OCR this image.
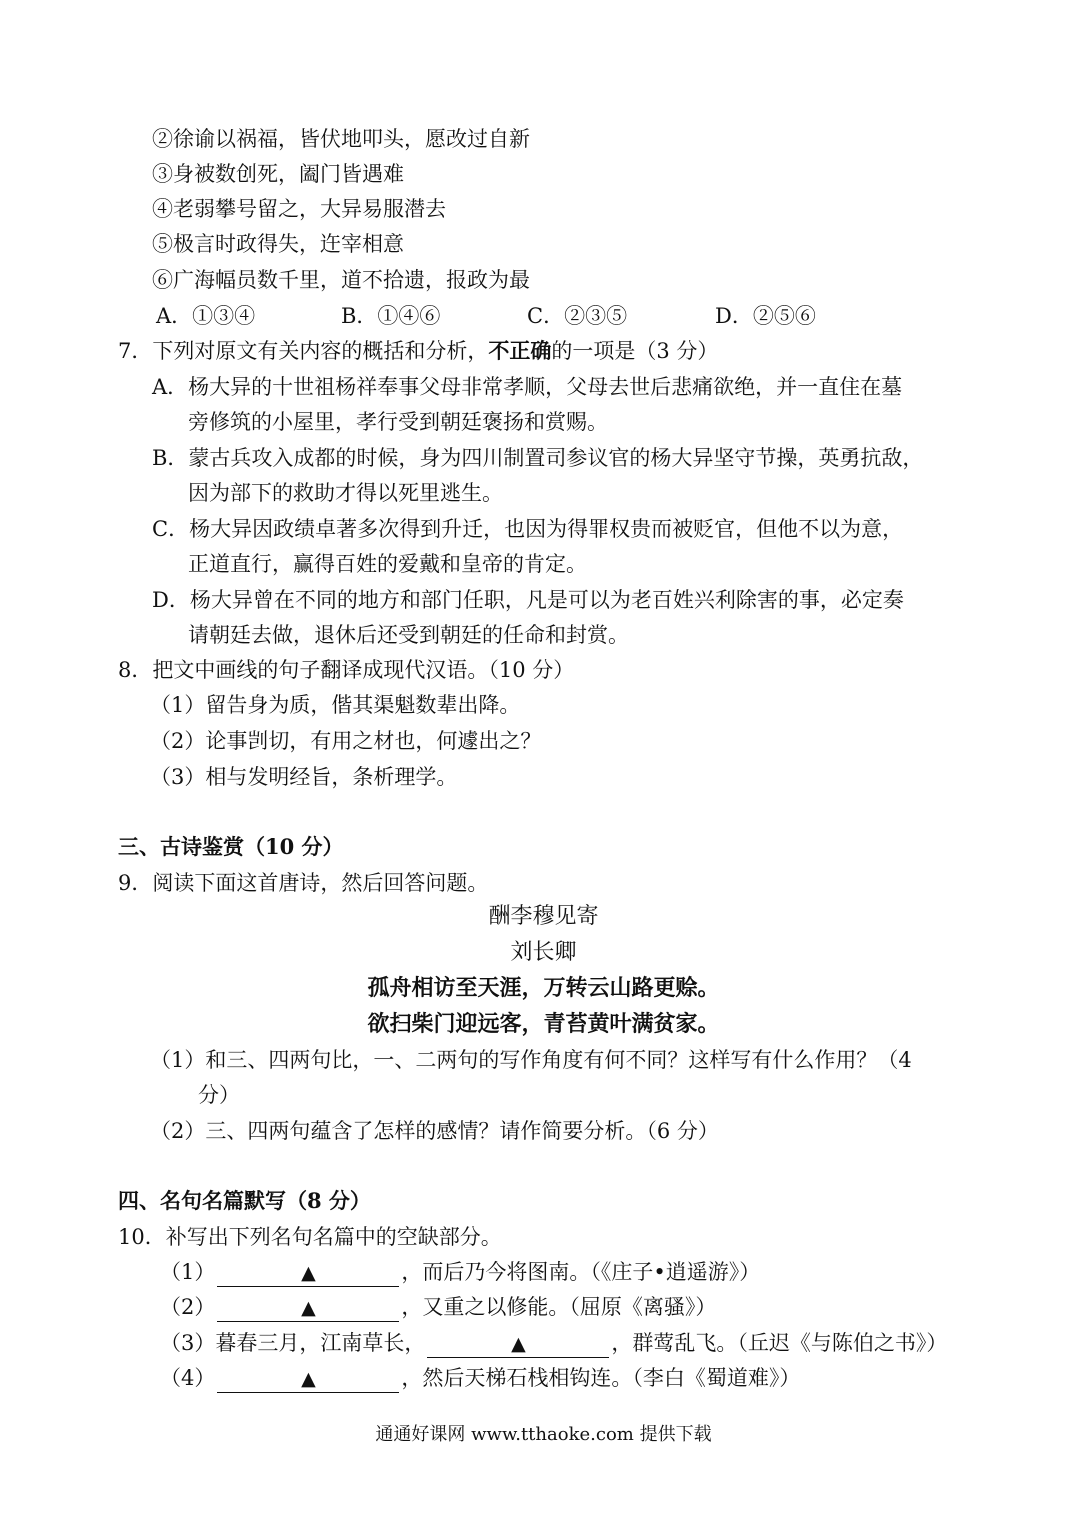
②徐谕以祸福，皆伏地叩头，愿改过自新
③身被数创死，阖门皆遇难
④老弱攀号留之，大异易服潜去
⑤极言时政得失，迕宰相意
⑥广海幅员数千里，道不拾遗，报政为最
A．①③④	B．①④⑥	C．②③⑤	D．②⑤⑥
7．下列对原文有关内容的概括和分析，不正确的一项是（3 分）
A．杨大异的十世祖杨祥奉事父母非常孝顺，父母去世后悲痛欲绝，并一直住在墓
旁修筑的小屋里，孝行受到朝廷褒扬和赏赐。
B．蒙古兵攻入成都的时候，身为四川制置司参议官的杨大异坚守节操，英勇抗敌，
因为部下的救助才得以死里逃生。
C．杨大异因政绩卓著多次得到升迁，也因为得罪权贵而被贬官，但他不以为意，
正道直行，赢得百姓的爱戴和皇帝的肯定。
D．杨大异曾在不同的地方和部门任职，凡是可以为老百姓兴利除害的事，必定奏
请朝廷去做，退休后还受到朝廷的任命和封赏。
8．把文中画线的句子翻译成现代汉语。（10 分）
（1）留告身为质，偕其渠魁数辈出降。
（2）论事剀切，有用之材也，何遽出之？
（3）相与发明经旨，条析理学。
三、古诗鉴赏（10 分）
9．阅读下面这首唐诗，然后回答问题。
酬李穆见寄
刘长卿
孤舟相访至天涯，万转云山路更赊。
欲扫柴门迎远客，青苔黄叶满贫家。
（1）和三、四两句比，一、二两句的写作角度有何不同？这样写有什么作用？（4
分）
（2）三、四两句蕴含了怎样的感情？请作简要分析。（6 分）
四、名句名篇默写（8 分）
10．补写出下列名句名篇中的空缺部分。
（1）	▲	，而后乃今将图南。（《庄子•逍遥游》）
（2）	▲	，又重之以修能。（屈原《离骚》）
（3）暮春三月，江南草长，	▲	，群莺乱飞。（丘迟《与陈伯之书》）
（4）	▲	，然后天梯石栈相钩连。（李白《蜀道难》）
通通好课网 www.tthaoke.com 提供下载
